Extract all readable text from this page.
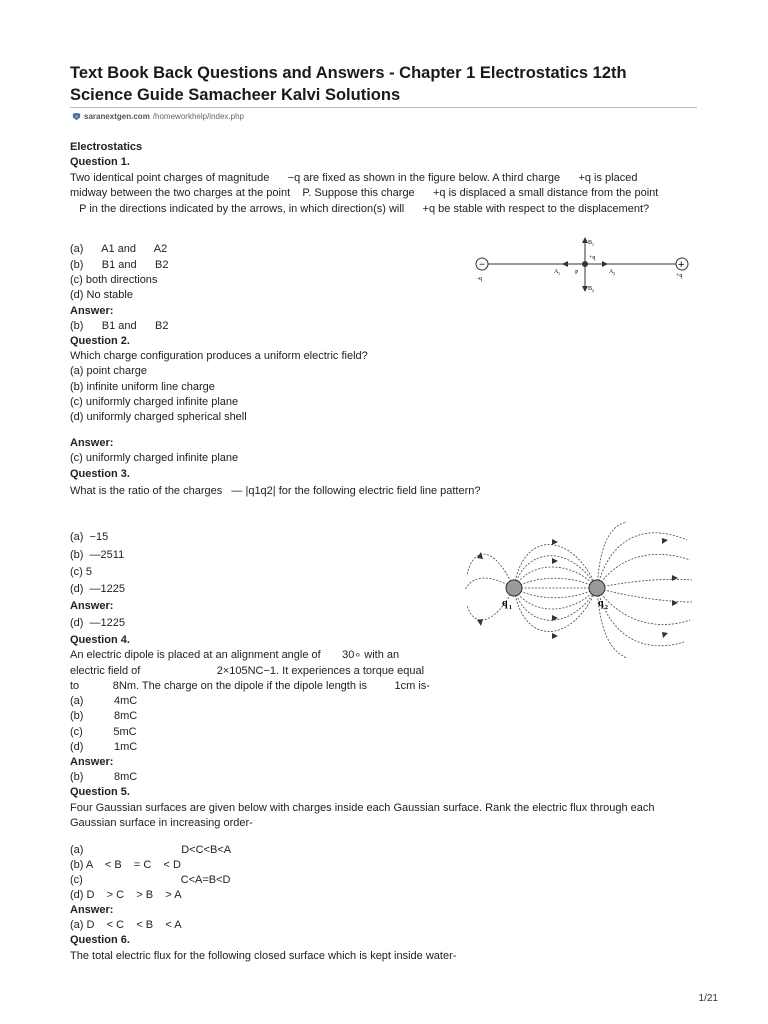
Text Book Back Questions and Answers - Chapter 1 Electrostatics 12th
Science Guide Samacheer Kalvi Solutions
saranextgen.com /homeworkhelp/index.php
Electrostatics
Question 1.
Two identical point charges of magnitude      −q are fixed as shown in the figure below. A third charge      +q is placed
midway between the two charges at the point    P. Suppose this charge      +q is displaced a small distance from the point
P in the directions indicated by the arrows, in which direction(s) will      +q be stable with respect to the displacement?
(a)      A1 and      A2
(b)      B1 and      B2
(c) both directions
(d) No stable
Answer:
(b)      B1 and      B2
−	+
-q	+q
+q
P
B 1
B 2
A 1	A 2
Question 2.
Which charge configuration produces a uniform electric field?
(a) point charge
(b) infinite uniform line charge
(c) uniformly charged infinite plane
(d) uniformly charged spherical shell
Answer:
(c) uniformly charged infinite plane
Question 3.
What is the ratio of the charges   — |q1q2| for the following electric field line pattern?
(a)  −15
(b)  —2511
(c) 5
(d)  —1225
Answer:
(d)  —1225
q 1	q 2
Question 4.
An electric dipole is placed at an alignment angle of       30∘ with an
electric field of                         2×105NC−1. It experiences a torque equal
to           8Nm. The charge on the dipole if the dipole length is         1cm is-
(a)          4mC
(b)          8mC
(c)          5mC
(d)          1mC
Answer:
(b)          8mC
Question 5.
Four Gaussian surfaces are given below with charges inside each Gaussian surface. Rank the electric flux through each
Gaussian surface in increasing order-
(a)                                D<C<B<A
(b) A    < B    = C    < D
(c)                                C<A=B<D
(d) D    > C    > B    > A
Answer:
(a) D    < C    < B    < A
Question 6.
The total electric flux for the following closed surface which is kept inside water-
1/21
